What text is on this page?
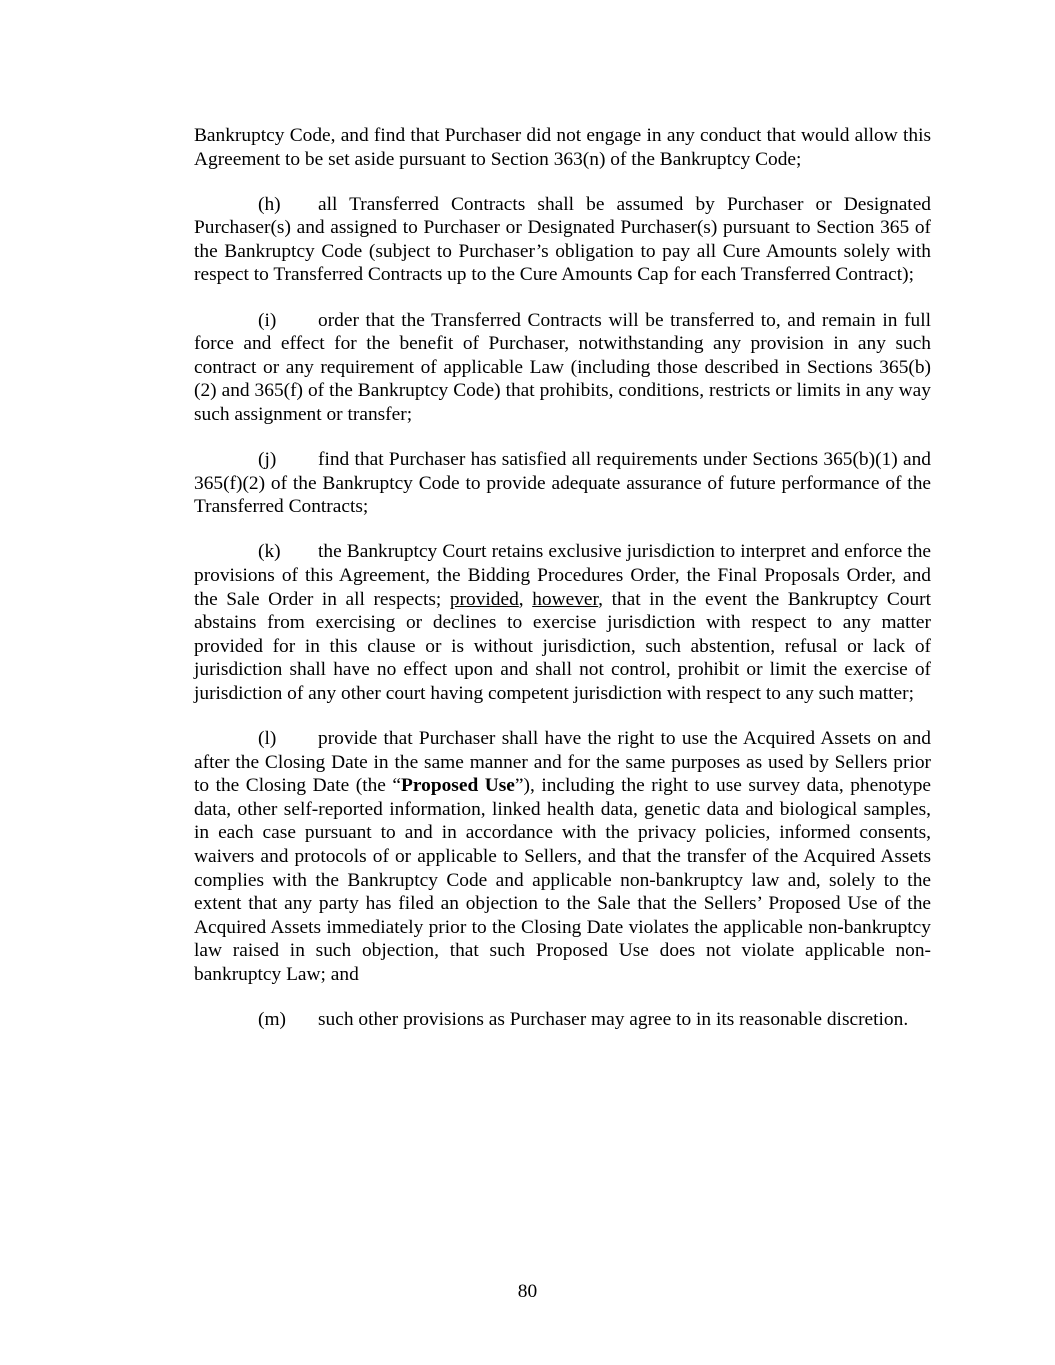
Bankruptcy Code, and find that Purchaser did not engage in any conduct that would allow this Agreement to be set aside pursuant to Section 363(n) of the Bankruptcy Code;

(h) all Transferred Contracts shall be assumed by Purchaser or Designated Purchaser(s) and assigned to Purchaser or Designated Purchaser(s) pursuant to Section 365 of the Bankruptcy Code (subject to Purchaser’s obligation to pay all Cure Amounts solely with respect to Transferred Contracts up to the Cure Amounts Cap for each Transferred Contract);

(i) order that the Transferred Contracts will be transferred to, and remain in full force and effect for the benefit of Purchaser, notwithstanding any provision in any such contract or any requirement of applicable Law (including those described in Sections 365(b)(2) and 365(f) of the Bankruptcy Code) that prohibits, conditions, restricts or limits in any way such assignment or transfer;

(j) find that Purchaser has satisfied all requirements under Sections 365(b)(1) and 365(f)(2) of the Bankruptcy Code to provide adequate assurance of future performance of the Transferred Contracts;

(k) the Bankruptcy Court retains exclusive jurisdiction to interpret and enforce the provisions of this Agreement, the Bidding Procedures Order, the Final Proposals Order, and the Sale Order in all respects; provided, however, that in the event the Bankruptcy Court abstains from exercising or declines to exercise jurisdiction with respect to any matter provided for in this clause or is without jurisdiction, such abstention, refusal or lack of jurisdiction shall have no effect upon and shall not control, prohibit or limit the exercise of jurisdiction of any other court having competent jurisdiction with respect to any such matter;

(l) provide that Purchaser shall have the right to use the Acquired Assets on and after the Closing Date in the same manner and for the same purposes as used by Sellers prior to the Closing Date (the “Proposed Use”), including the right to use survey data, phenotype data, other self-reported information, linked health data, genetic data and biological samples, in each case pursuant to and in accordance with the privacy policies, informed consents, waivers and protocols of or applicable to Sellers, and that the transfer of the Acquired Assets complies with the Bankruptcy Code and applicable non-bankruptcy law and, solely to the extent that any party has filed an objection to the Sale that the Sellers’ Proposed Use of the Acquired Assets immediately prior to the Closing Date violates the applicable non-bankruptcy law raised in such objection, that such Proposed Use does not violate applicable non-bankruptcy Law; and

(m) such other provisions as Purchaser may agree to in its reasonable discretion.

80
